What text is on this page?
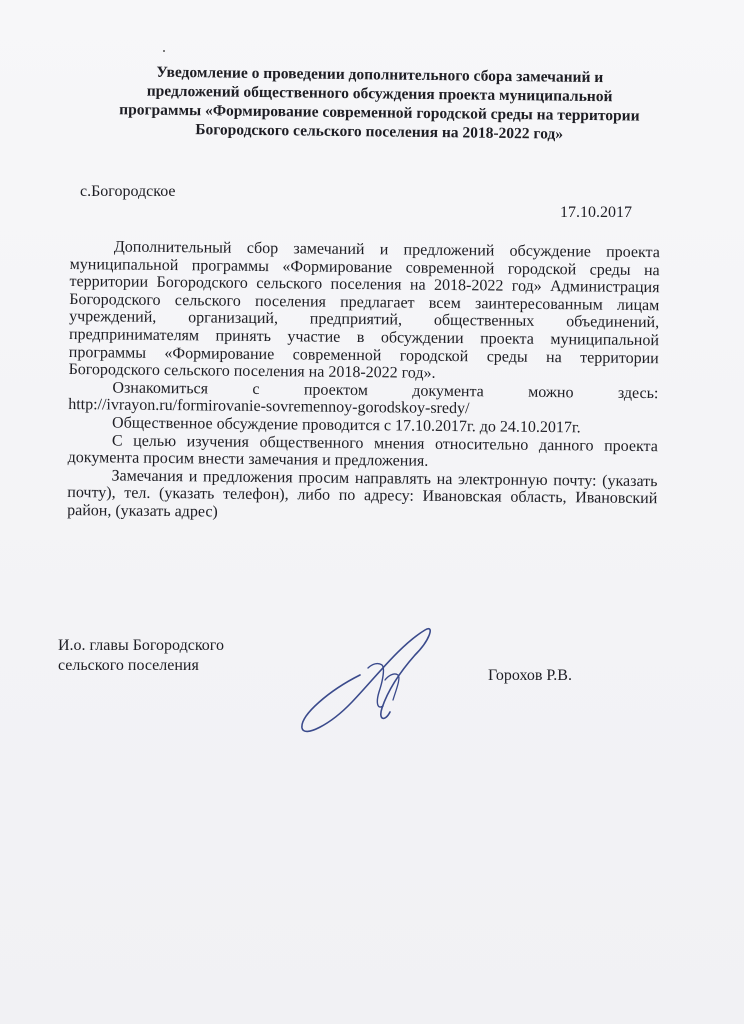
Уведомление о проведении дополнительного сбора замечаний и
предложений общественного обсуждения проекта муниципальной
программы «Формирование современной городской среды на территории
Богородского сельского поселения на 2018-2022 год»
с.Богородское
17.10.2017

Дополнительный сбор замечаний и предложений обсуждение проекта муниципальной программы «Формирование современной городской среды на территории Богородского сельского поселения на 2018-2022 год» Администрация Богородского сельского поселения предлагает всем заинтересованным лицам учреждений, организаций, предприятий, общественных объединений, предпринимателям принять участие в обсуждении проекта муниципальной программы «Формирование современной городской среды на территории Богородского сельского поселения на 2018-2022 год».

Ознакомиться с проектом документа можно здесь:

http://ivrayon.ru/formirovanie-sovremennoy-gorodskoy-sredy/

Общественное обсуждение проводится с 17.10.2017г. до 24.10.2017г.

С целью изучения общественного мнения относительно данного проекта документа просим внести замечания и предложения.

Замечания и предложения просим направлять на электронную почту: (указать почту), тел. (указать телефон), либо по адресу: Ивановская область, Ивановский район, (указать адрес)

И.о. главы Богородского
сельского поселения
Горохов Р.В.
